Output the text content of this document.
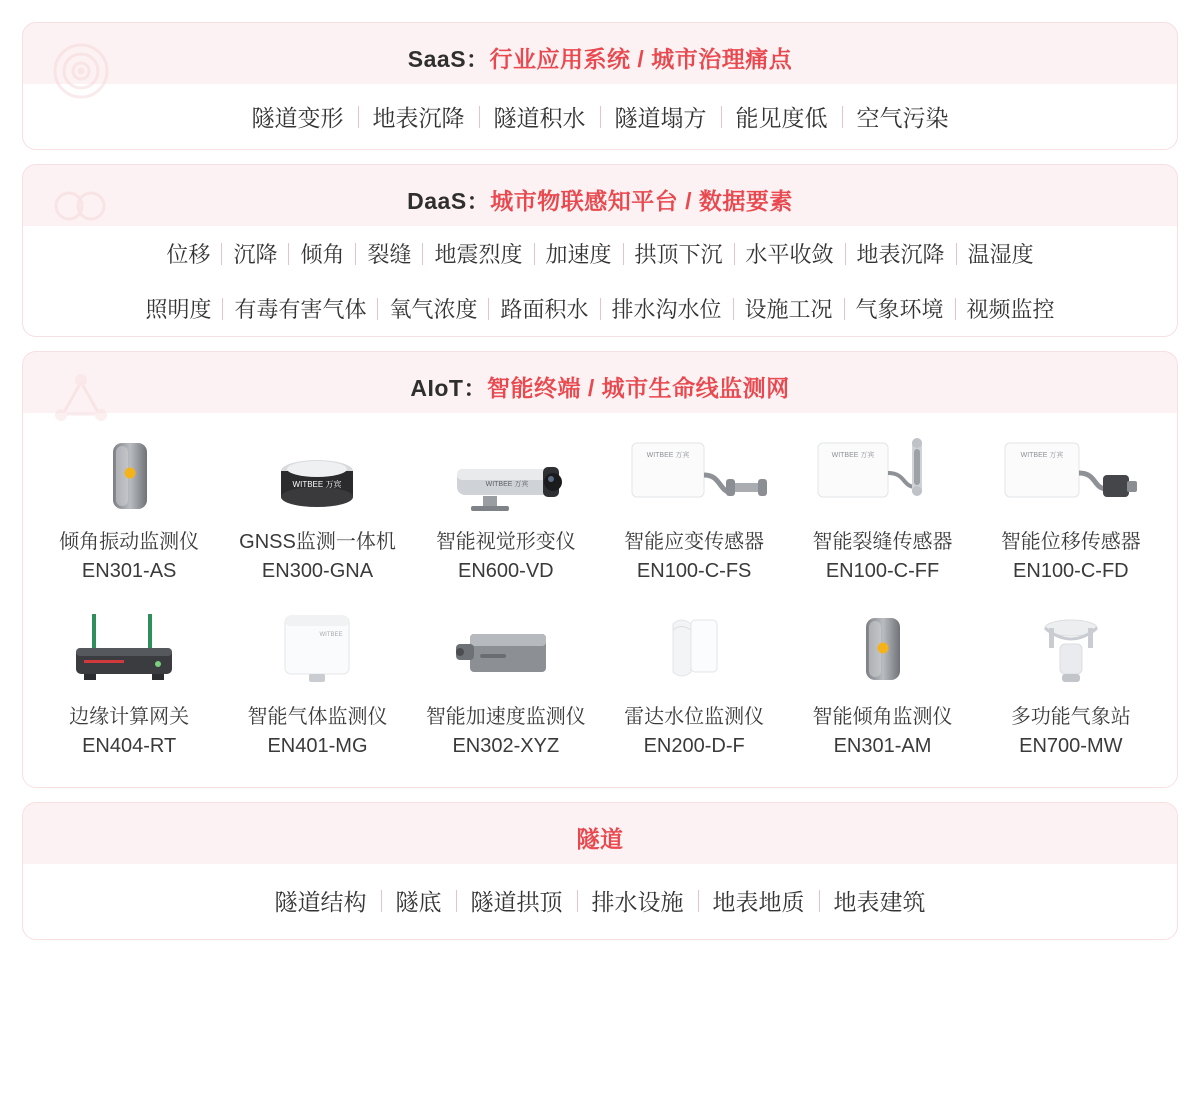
SaaS：行业应用系统 / 城市治理痛点
隧道变形	地表沉降	隧道积水	隧道塌方	能见度低	空气污染
DaaS：城市物联感知平台 / 数据要素
位移	沉降	倾角	裂缝	地震烈度	加速度	拱顶下沉	水平收敛	地表沉降	温湿度
照明度	有毒有害气体	氧气浓度	路面积水	排水沟水位	设施工况	气象环境	视频监控
AIoT：智能终端 / 城市生命线监测网
倾角振动监测仪
EN301-AS
WITBEE 万宾
GNSS监测一体机
EN300-GNA
WITBEE 万宾
智能视觉形变仪
EN600-VD
WITBEE 万宾
智能应变传感器
EN100-C-FS
WITBEE 万宾
智能裂缝传感器
EN100-C-FF
WITBEE 万宾
智能位移传感器
EN100-C-FD
边缘计算网关
EN404-RT
WITBEE
智能气体监测仪
EN401-MG
智能加速度监测仪
EN302-XYZ
雷达水位监测仪
EN200-D-F
智能倾角监测仪
EN301-AM
多功能气象站
EN700-MW
隧道
隧道结构	隧底	隧道拱顶	排水设施	地表地质	地表建筑
